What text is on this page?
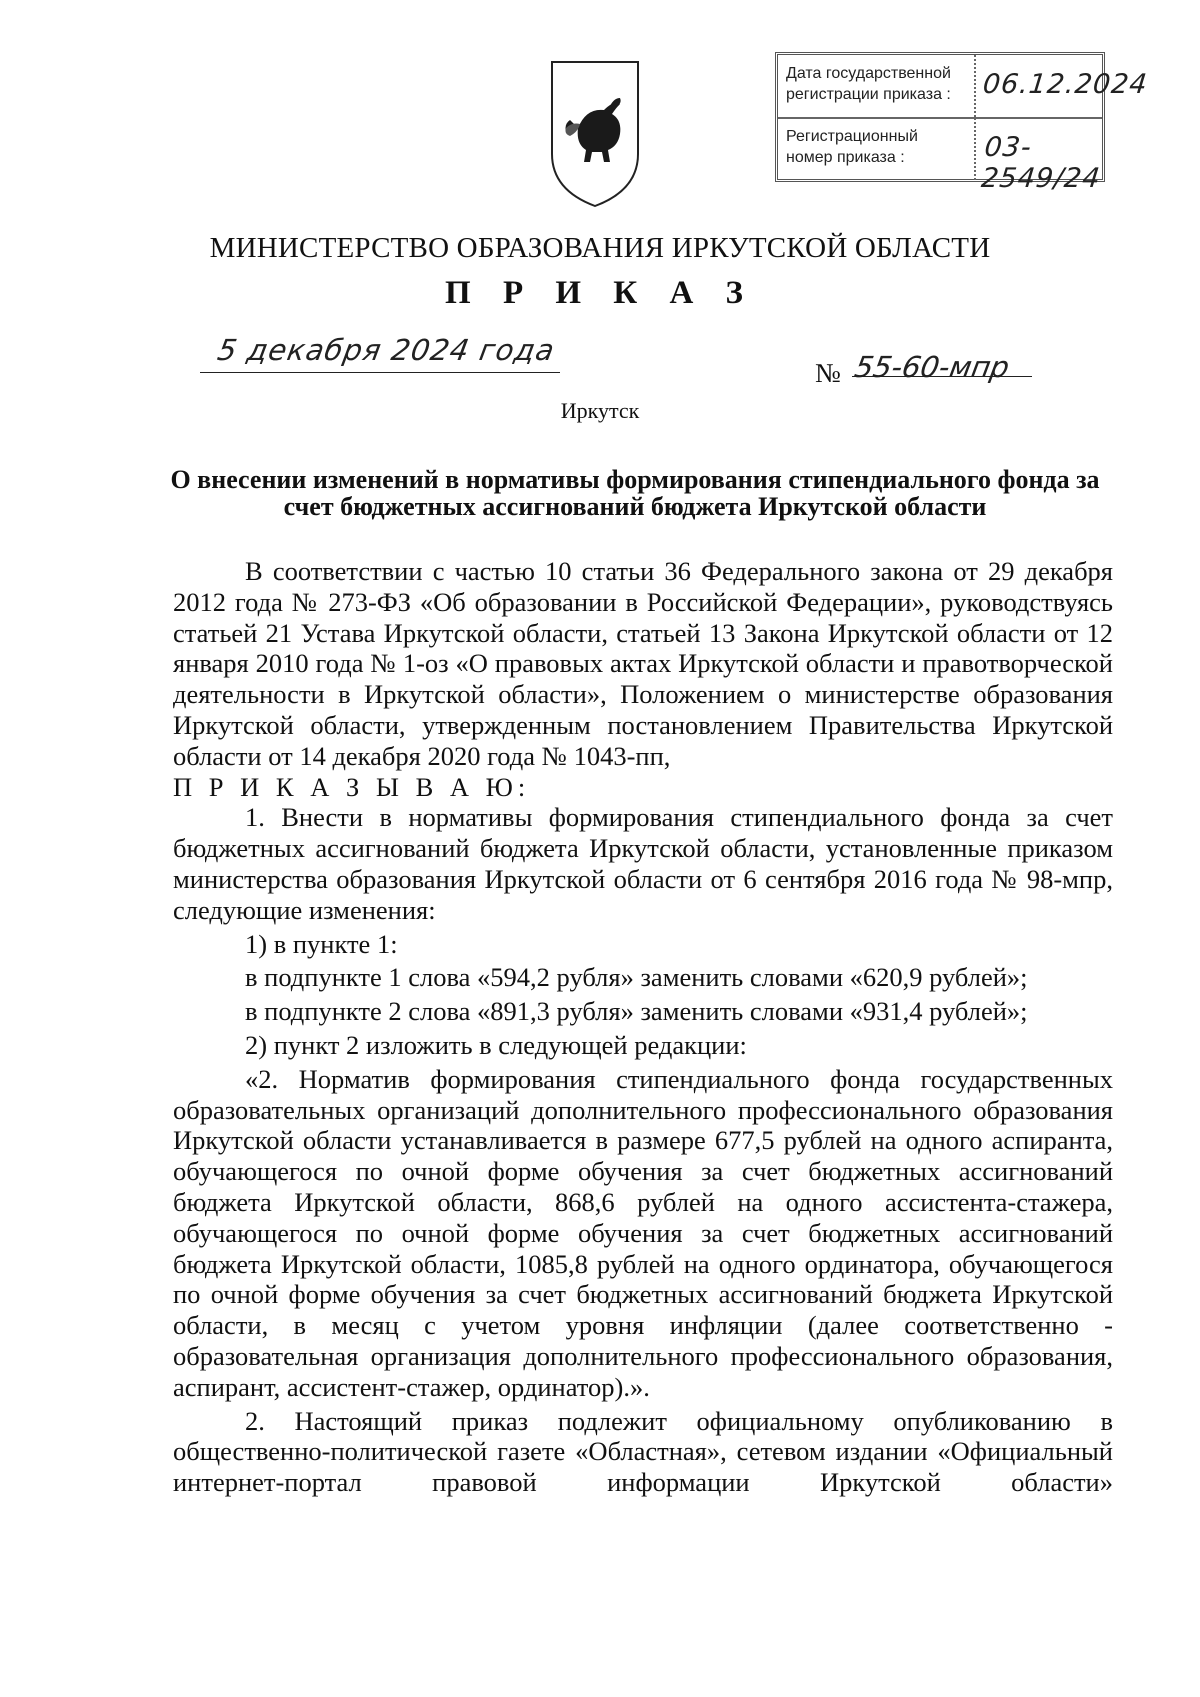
Дата государственной регистрации приказа :	06.12.2024
Регистрационный номер приказа :	03-2549/24
МИНИСТЕРСТВО ОБРАЗОВАНИЯ ИРКУТСКОЙ ОБЛАСТИ
П Р И К А З
5 декабря 2024 года
№ 55-60-мпр
Иркутск
О внесении изменений в нормативы формирования стипендиального фонда за счет бюджетных ассигнований бюджета Иркутской области

В соответствии с частью 10 статьи 36 Федерального закона от 29 декабря 2012 года № 273-ФЗ «Об образовании в Российской Федерации», руководствуясь статьей 21 Устава Иркутской области, статьей 13 Закона Иркутской области от 12 января 2010 года № 1-оз «О правовых актах Иркутской области и правотворческой деятельности в Иркутской области», Положением о министерстве образования Иркутской области, утвержденным постановлением Правительства Иркутской области от 14 декабря 2020 года № 1043-пп,

П Р И К А З Ы В А Ю:

1. Внести в нормативы формирования стипендиального фонда за счет бюджетных ассигнований бюджета Иркутской области, установленные приказом министерства образования Иркутской области от 6 сентября 2016 года № 98-мпр, следующие изменения:

1) в пункте 1:

в подпункте 1 слова «594,2 рубля» заменить словами «620,9 рублей»;

в подпункте 2 слова «891,3 рубля» заменить словами «931,4 рублей»;

2) пункт 2 изложить в следующей редакции:

«2. Норматив формирования стипендиального фонда государственных образовательных организаций дополнительного профессионального образования Иркутской области устанавливается в размере 677,5 рублей на одного аспиранта, обучающегося по очной форме обучения за счет бюджетных ассигнований бюджета Иркутской области, 868,6 рублей на одного ассистента-стажера, обучающегося по очной форме обучения за счет бюджетных ассигнований бюджета Иркутской области, 1085,8 рублей на одного ординатора, обучающегося по очной форме обучения за счет бюджетных ассигнований бюджета Иркутской области, в месяц с учетом уровня инфляции (далее соответственно - образовательная организация дополнительного профессионального образования, аспирант, ассистент-стажер, ординатор).».

2. Настоящий приказ подлежит официальному опубликованию в общественно-политической газете «Областная», сетевом издании «Официальный интернет-портал правовой информации Иркутской области»
